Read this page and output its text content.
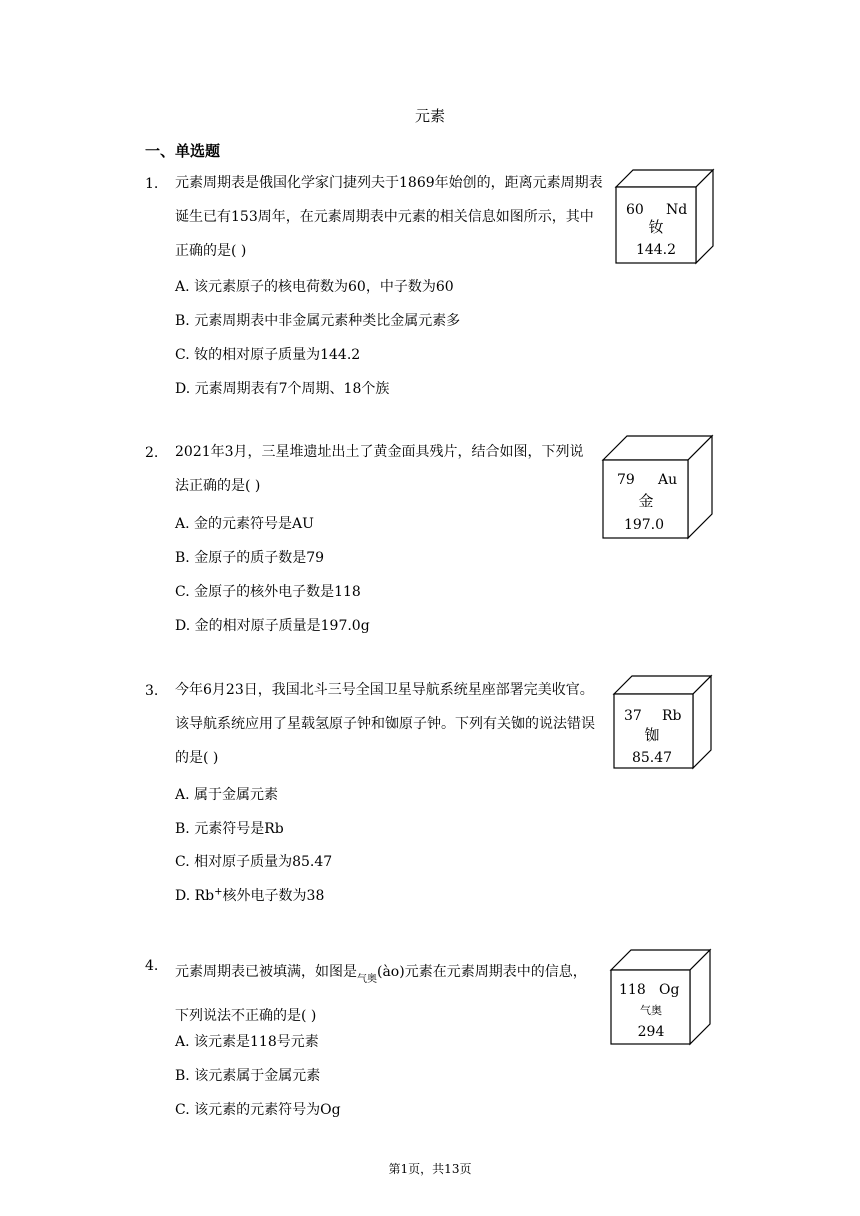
元素
一、单选题
1. 元素周期表是俄国化学家门捷列夫于1869年始创的，距离元素周期表诞生已有153周年，在元素周期表中元素的相关信息如图所示，其中正确的是( )
A. 该元素原子的核电荷数为60，中子数为60
B. 元素周期表中非金属元素种类比金属元素多
C. 钕的相对原子质量为144.2
D. 元素周期表有7个周期、18个族
60 Nd
钕
144.2
2. 2021年3月，三星堆遗址出土了黄金面具残片，结合如图，下列说法正确的是( )
A. 金的元素符号是AU
B. 金原子的质子数是79
C. 金原子的核外电子数是118
D. 金的相对原子质量是197.0g
79 Au
金
197.0
3. 今年6月23日，我国北斗三号全国卫星导航系统星座部署完美收官。该导航系统应用了星载氢原子钟和铷原子钟。下列有关铷的说法错误的是( )
A. 属于金属元素
B. 元素符号是Rb
C. 相对原子质量为85.47
D. Rb+核外电子数为38
37 Rb
铷
85.47
4. 元素周期表已被填满，如图是气奥(ào)元素在元素周期表中的信息，下列说法不正确的是( )
A. 该元素是118号元素
B. 该元素属于金属元素
C. 该元素的元素符号为Og
118 Og
气奥
294
第1页，共13页
